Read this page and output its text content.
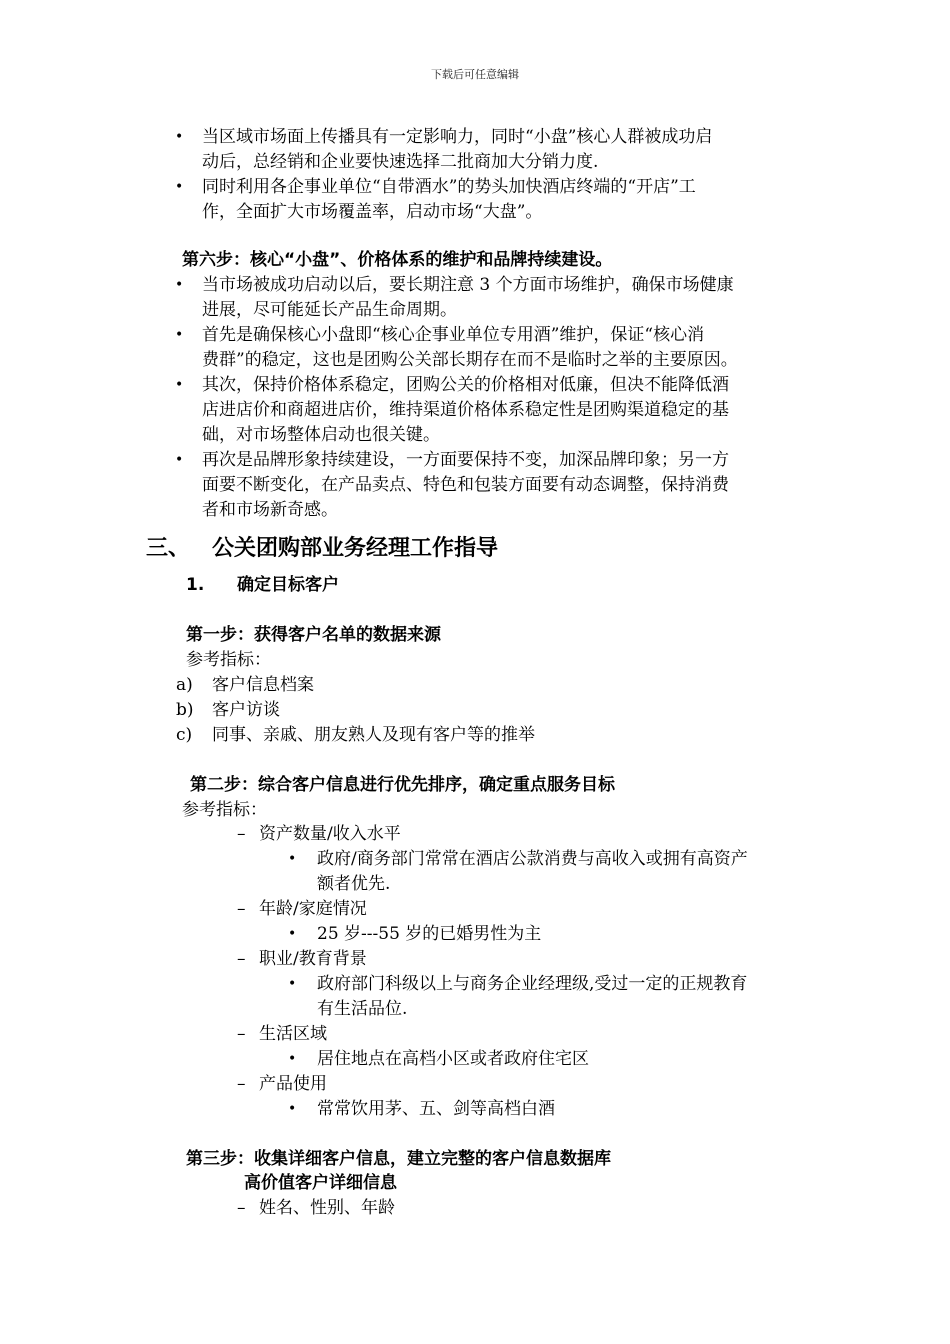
下载后可任意编辑
• 当区域市场面上传播具有一定影响力，同时“小盘”核心人群被成功启
动后，总经销和企业要快速选择二批商加大分销力度.
• 同时利用各企事业单位“自带酒水”的势头加快酒店终端的“开店”工
作，全面扩大市场覆盖率，启动市场“大盘”。
第六步：核心“小盘”、价格体系的维护和品牌持续建设。
• 当市场被成功启动以后，要长期注意 3 个方面市场维护，确保市场健康
进展，尽可能延长产品生命周期。
• 首先是确保核心小盘即“核心企事业单位专用酒”维护，保证“核心消
费群”的稳定，这也是团购公关部长期存在而不是临时之举的主要原因。
• 其次，保持价格体系稳定，团购公关的价格相对低廉，但决不能降低酒
店进店价和商超进店价，维持渠道价格体系稳定性是团购渠道稳定的基
础，对市场整体启动也很关键。
• 再次是品牌形象持续建设，一方面要保持不变，加深品牌印象；另一方
面要不断变化，在产品卖点、特色和包装方面要有动态调整，保持消费
者和市场新奇感。
三、 公关团购部业务经理工作指导
1. 确定目标客户
第一步：获得客户名单的数据来源
参考指标：
a) 客户信息档案
b) 客户访谈
c) 同事、亲戚、朋友熟人及现有客户等的推举
第二步：综合客户信息进行优先排序，确定重点服务目标
参考指标：
– 资产数量/收入水平
• 政府/商务部门常常在酒店公款消费与高收入或拥有高资产
额者优先.
– 年龄/家庭情况
• 25 岁---55 岁的已婚男性为主
– 职业/教育背景
• 政府部门科级以上与商务企业经理级,受过一定的正规教育
有生活品位.
– 生活区域
• 居住地点在高档小区或者政府住宅区
– 产品使用
• 常常饮用茅、五、剑等高档白酒
第三步：收集详细客户信息，建立完整的客户信息数据库
高价值客户详细信息
– 姓名、性别、年龄
